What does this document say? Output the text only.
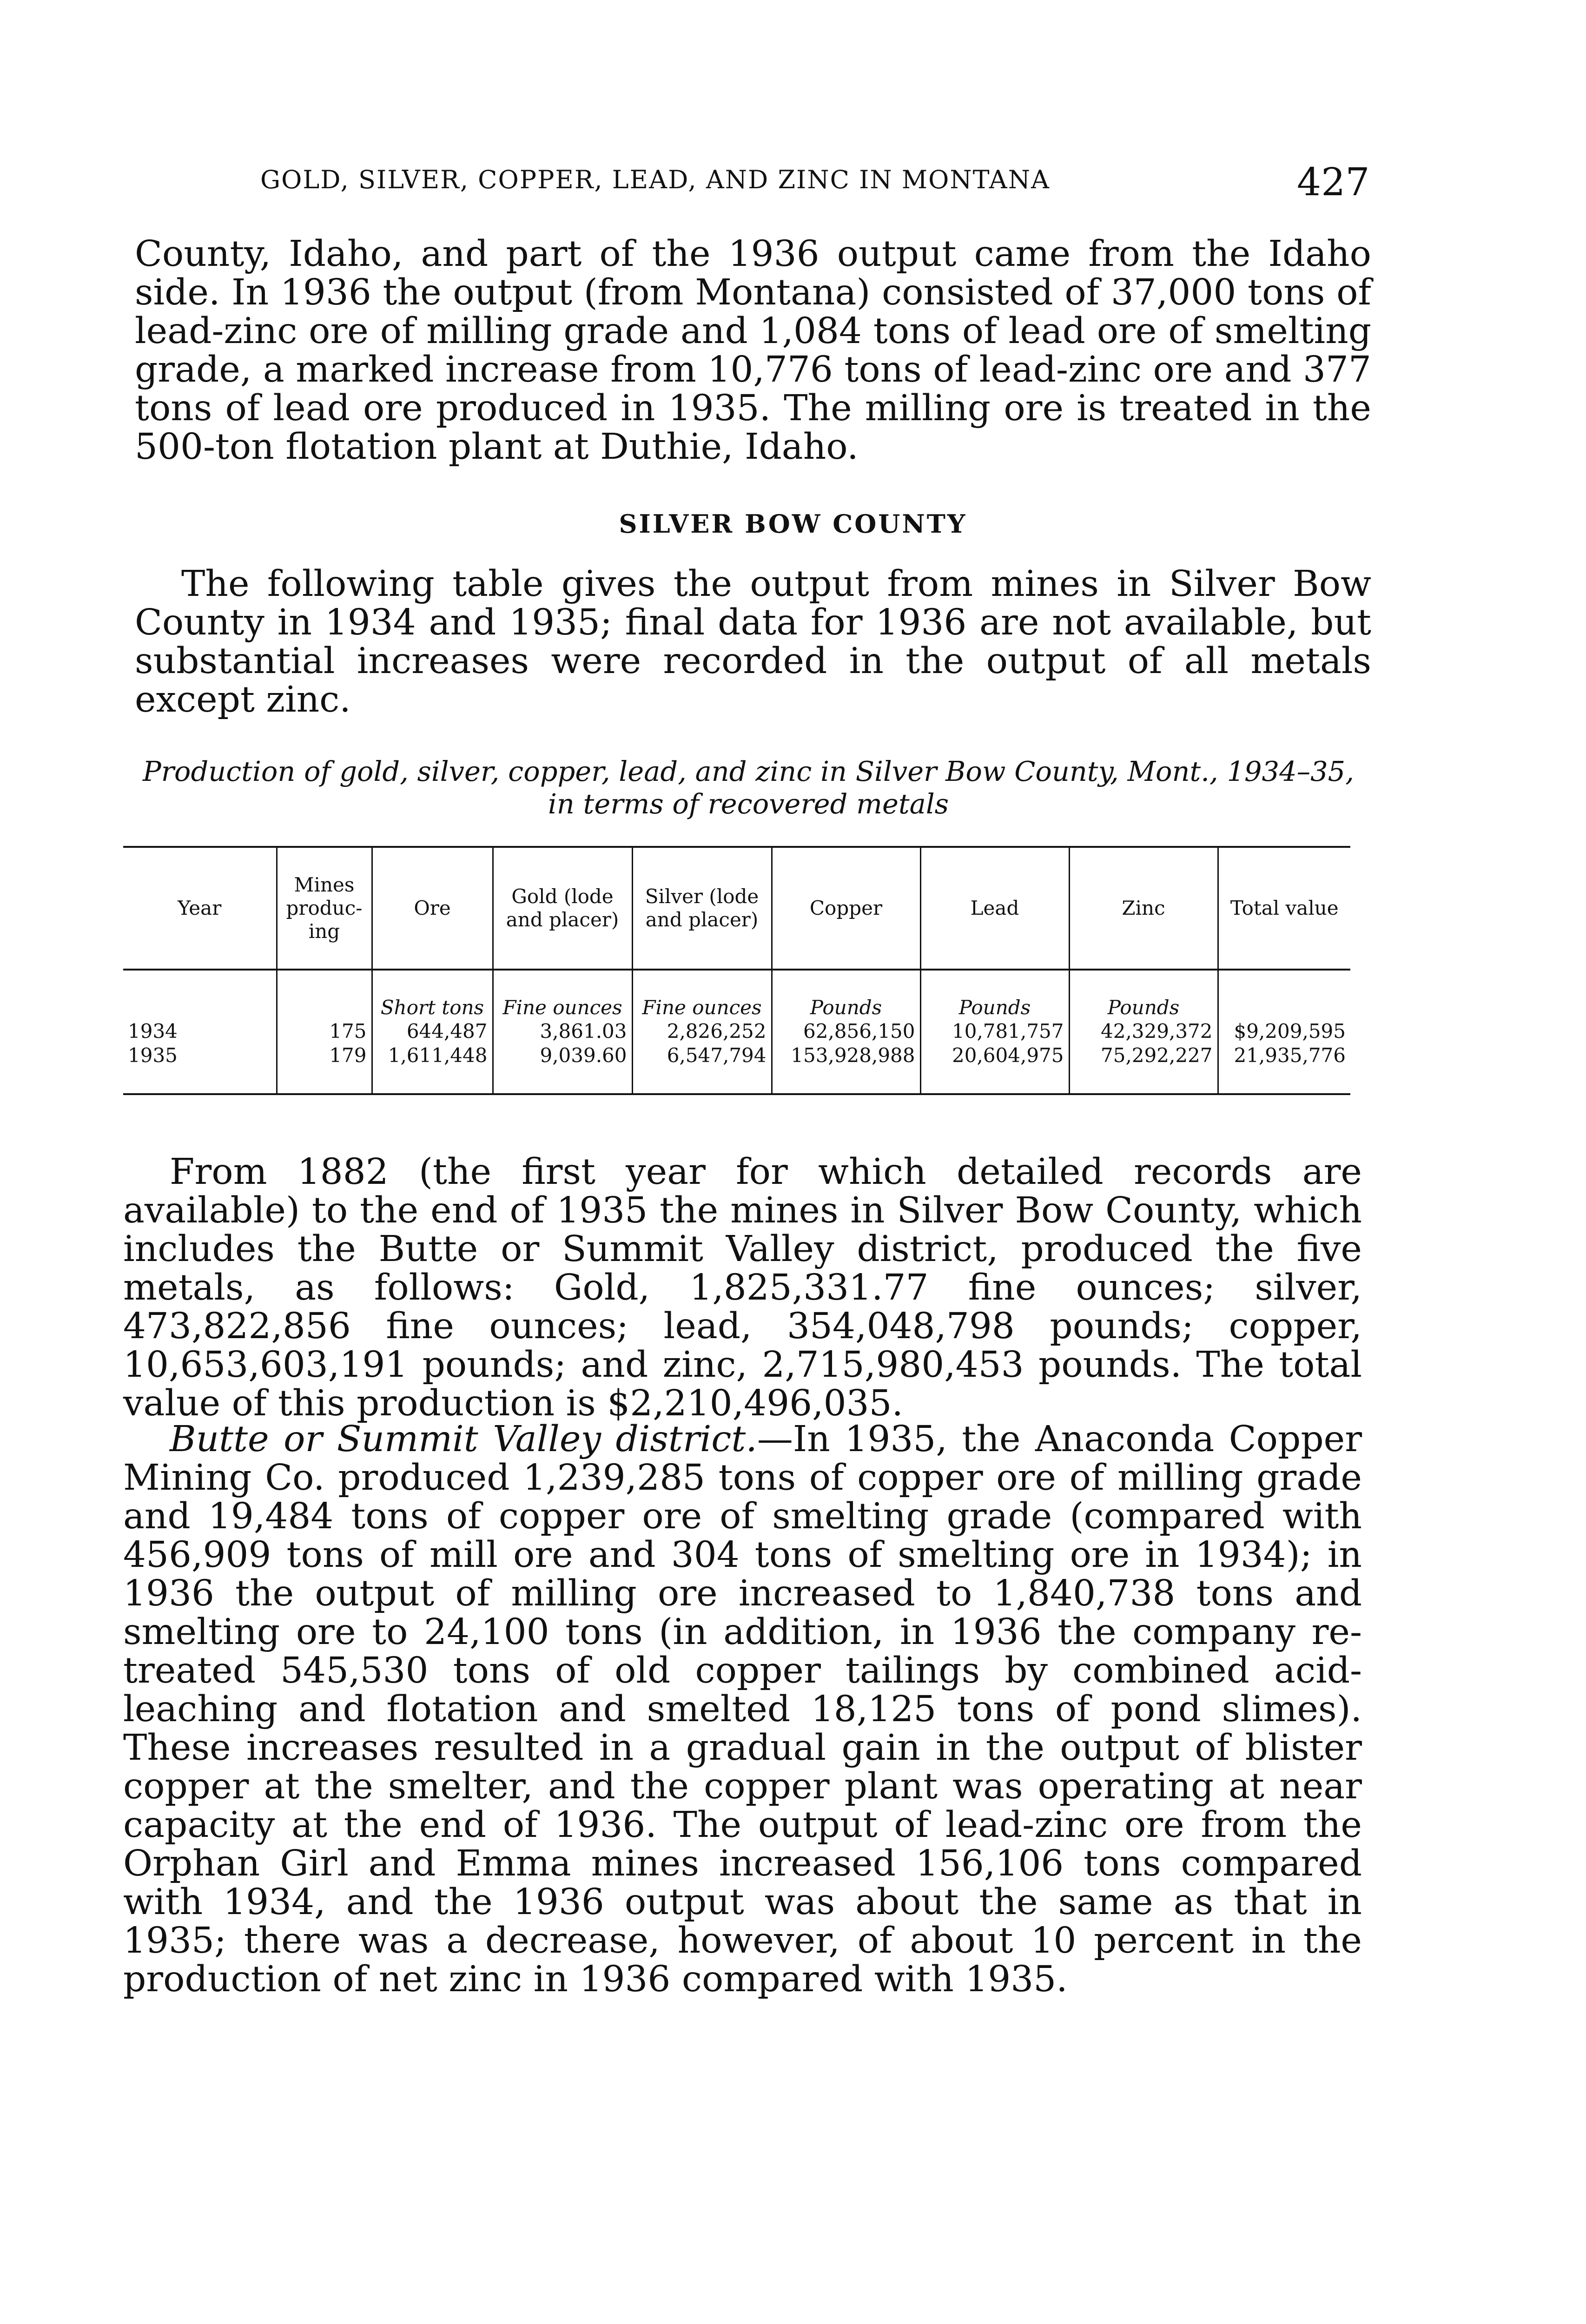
GOLD, SILVER, COPPER, LEAD, AND ZINC IN MONTANA	427

County, Idaho, and part of the 1936 output came from the Idaho side. In 1936 the output (from Montana) consisted of 37,000 tons of lead-zinc ore of milling grade and 1,084 tons of lead ore of smelting grade, a marked increase from 10,776 tons of lead-zinc ore and 377 tons of lead ore produced in 1935. The milling ore is treated in the 500-ton flotation plant at Duthie, Idaho.

SILVER BOW COUNTY

The following table gives the output from mines in Silver Bow County in 1934 and 1935; final data for 1936 are not available, but substantial increases were recorded in the output of all metals except zinc.

Production of gold, silver, copper, lead, and zinc in Silver Bow County, Mont., 1934–35, in terms of recovered metals
Year	Mines produc-ing	Ore	Gold (lode and placer)	Silver (lode and placer)	Copper	Lead	Zinc	Total value
		Short tons	Fine ounces	Fine ounces	Pounds	Pounds	Pounds	
1934	175	644,487	3,861.03	2,826,252	62,856,150	10,781,757	42,329,372	$9,209,595
1935	179	1,611,448	9,039.60	6,547,794	153,928,988	20,604,975	75,292,227	21,935,776

From 1882 (the first year for which detailed records are available) to the end of 1935 the mines in Silver Bow County, which includes the Butte or Summit Valley district, produced the five metals, as follows: Gold, 1,825,331.77 fine ounces; silver, 473,822,856 fine ounces; lead, 354,048,798 pounds; copper, 10,653,603,191 pounds; and zinc, 2,715,980,453 pounds. The total value of this production is $2,210,496,035.

Butte or Summit Valley district.—In 1935, the Anaconda Copper Mining Co. produced 1,239,285 tons of copper ore of milling grade and 19,484 tons of copper ore of smelting grade (compared with 456,909 tons of mill ore and 304 tons of smelting ore in 1934); in 1936 the output of milling ore increased to 1,840,738 tons and smelting ore to 24,100 tons (in addition, in 1936 the company re-treated 545,530 tons of old copper tailings by combined acid-leaching and flotation and smelted 18,125 tons of pond slimes). These increases resulted in a gradual gain in the output of blister copper at the smelter, and the copper plant was operating at near capacity at the end of 1936. The output of lead-zinc ore from the Orphan Girl and Emma mines increased 156,106 tons compared with 1934, and the 1936 output was about the same as that in 1935; there was a decrease, however, of about 10 percent in the production of net zinc in 1936 compared with 1935.
